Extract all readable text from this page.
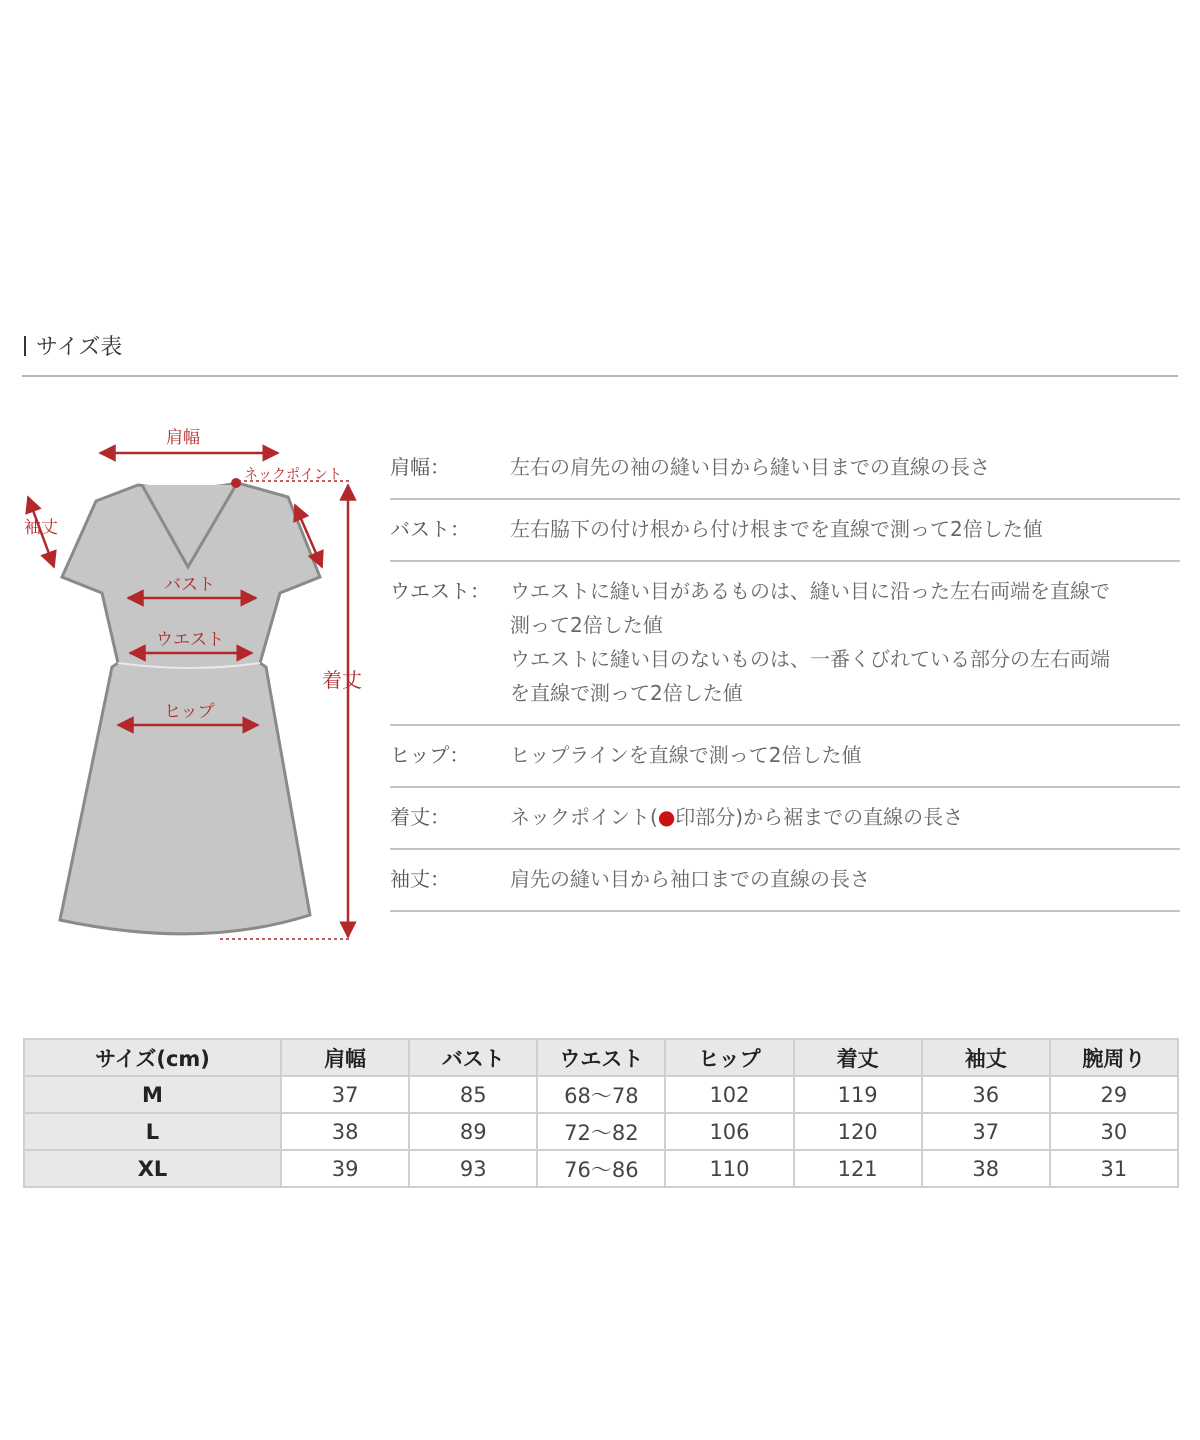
サイズ表
肩幅
ネックポイント
袖丈
バスト
ウエスト
ヒップ
着丈
肩幅：	左右の肩先の袖の縫い目から縫い目までの直線の長さ
バスト：	左右脇下の付け根から付け根までを直線で測って2倍した値
ウエスト：	ウエストに縫い目があるものは、縫い目に沿った左右両端を直線で
測って2倍した値
ウエストに縫い目のないものは、一番くびれている部分の左右両端
を直線で測って2倍した値
ヒップ：	ヒップラインを直線で測って2倍した値
着丈：	ネックポイント(●印部分)から裾までの直線の長さ
袖丈：	肩先の縫い目から袖口までの直線の長さ
サイズ(cm)	肩幅	バスト	ウエスト	ヒップ	着丈	袖丈	腕周り
M	37	85	68〜78	102	119	36	29
L	38	89	72〜82	106	120	37	30
XL	39	93	76〜86	110	121	38	31
